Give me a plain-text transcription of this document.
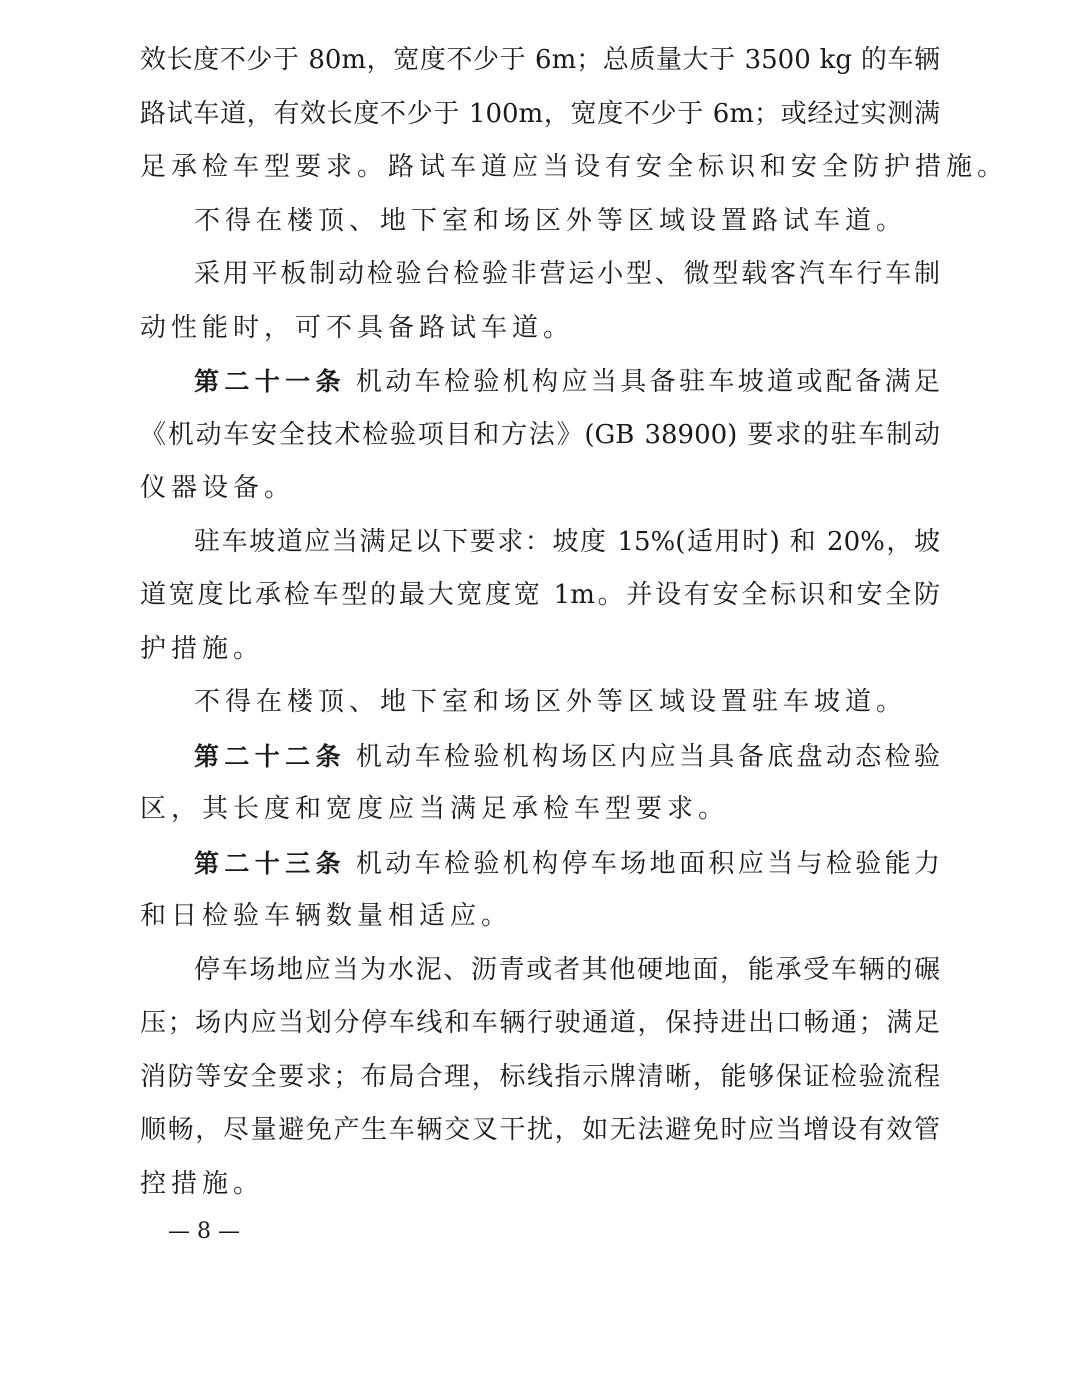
效长度不少于 80m，宽度不少于 6m；总质量大于 3500 kg 的车辆
路试车道，有效长度不少于 100m，宽度不少于 6m；或经过实测满
足承检车型要求。路试车道应当设有安全标识和安全防护措施。
不得在楼顶、地下室和场区外等区域设置路试车道。
采用平板制动检验台检验非营运小型、微型载客汽车行车制
动性能时，可不具备路试车道。
第二十一条 机动车检验机构应当具备驻车坡道或配备满足
《机动车安全技术检验项目和方法》(GB 38900) 要求的驻车制动
仪器设备。
驻车坡道应当满足以下要求：坡度 15%(适用时) 和 20%，坡
道宽度比承检车型的最大宽度宽 1m。并设有安全标识和安全防
护措施。
不得在楼顶、地下室和场区外等区域设置驻车坡道。
第二十二条 机动车检验机构场区内应当具备底盘动态检验
区，其长度和宽度应当满足承检车型要求。
第二十三条 机动车检验机构停车场地面积应当与检验能力
和日检验车辆数量相适应。
停车场地应当为水泥、沥青或者其他硬地面，能承受车辆的碾
压；场内应当划分停车线和车辆行驶通道，保持进出口畅通；满足
消防等安全要求；布局合理，标线指示牌清晰，能够保证检验流程
顺畅，尽量避免产生车辆交叉干扰，如无法避免时应当增设有效管
控措施。
— 8 —
